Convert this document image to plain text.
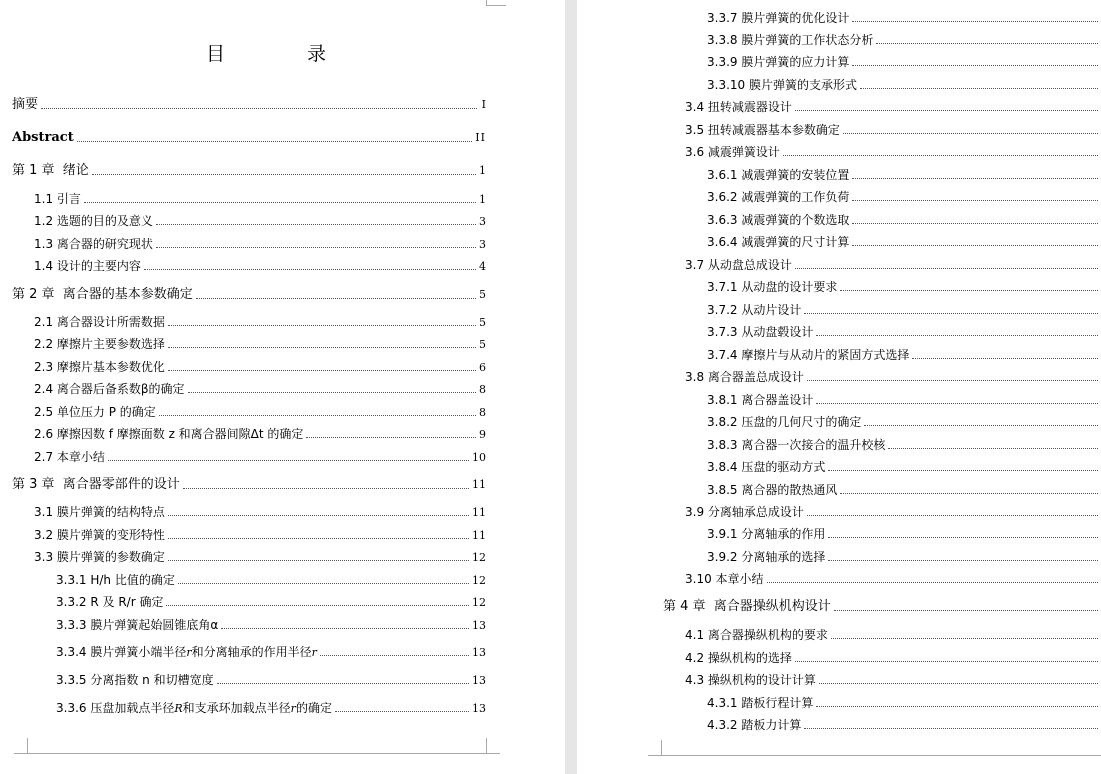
目 录
摘要	I
Abstract	II
第 1 章  绪论	1
1.1 引言	1
1.2 选题的目的及意义	3
1.3 离合器的研究现状	3
1.4 设计的主要内容	4
第 2 章  离合器的基本参数确定	5
2.1 离合器设计所需数据	5
2.2 摩擦片主要参数选择	5
2.3 摩擦片基本参数优化	6
2.4 离合器后备系数β的确定	8
2.5 单位压力 P 的确定	8
2.6 摩擦因数 f 摩擦面数 z 和离合器间隙Δt 的确定	9
2.7 本章小结	10
第 3 章  离合器零部件的设计	11
3.1 膜片弹簧的结构特点	11
3.2 膜片弹簧的变形特性	11
3.3 膜片弹簧的参数确定	12
3.3.1 H/h 比值的确定	12
3.3.2 R 及 R/r 确定	12
3.3.3 膜片弹簧起始圆锥底角α	13
3.3.4 膜片弹簧小端半径 r 和分离轴承的作用半径 r	13
3.3.5 分离指数 n 和切槽宽度	13
3.3.6 压盘加载点半径 R 和支承环加载点半径 r 的确定	13
3.3.7 膜片弹簧的优化设计
3.3.8 膜片弹簧的工作状态分析
3.3.9 膜片弹簧的应力计算
3.3.10 膜片弹簧的支承形式
3.4 扭转减震器设计
3.5 扭转减震器基本参数确定
3.6 减震弹簧设计
3.6.1 减震弹簧的安装位置
3.6.2 减震弹簧的工作负荷
3.6.3 减震弹簧的个数选取
3.6.4 减震弹簧的尺寸计算
3.7 从动盘总成设计
3.7.1 从动盘的设计要求
3.7.2 从动片设计
3.7.3 从动盘毂设计
3.7.4 摩擦片与从动片的紧固方式选择
3.8 离合器盖总成设计
3.8.1 离合器盖设计
3.8.2 压盘的几何尺寸的确定
3.8.3 离合器一次接合的温升校核
3.8.4 压盘的驱动方式
3.8.5 离合器的散热通风
3.9 分离轴承总成设计
3.9.1 分离轴承的作用
3.9.2 分离轴承的选择
3.10 本章小结
第 4 章  离合器操纵机构设计
4.1 离合器操纵机构的要求
4.2 操纵机构的选择
4.3 操纵机构的设计计算
4.3.1 踏板行程计算
4.3.2 踏板力计算
